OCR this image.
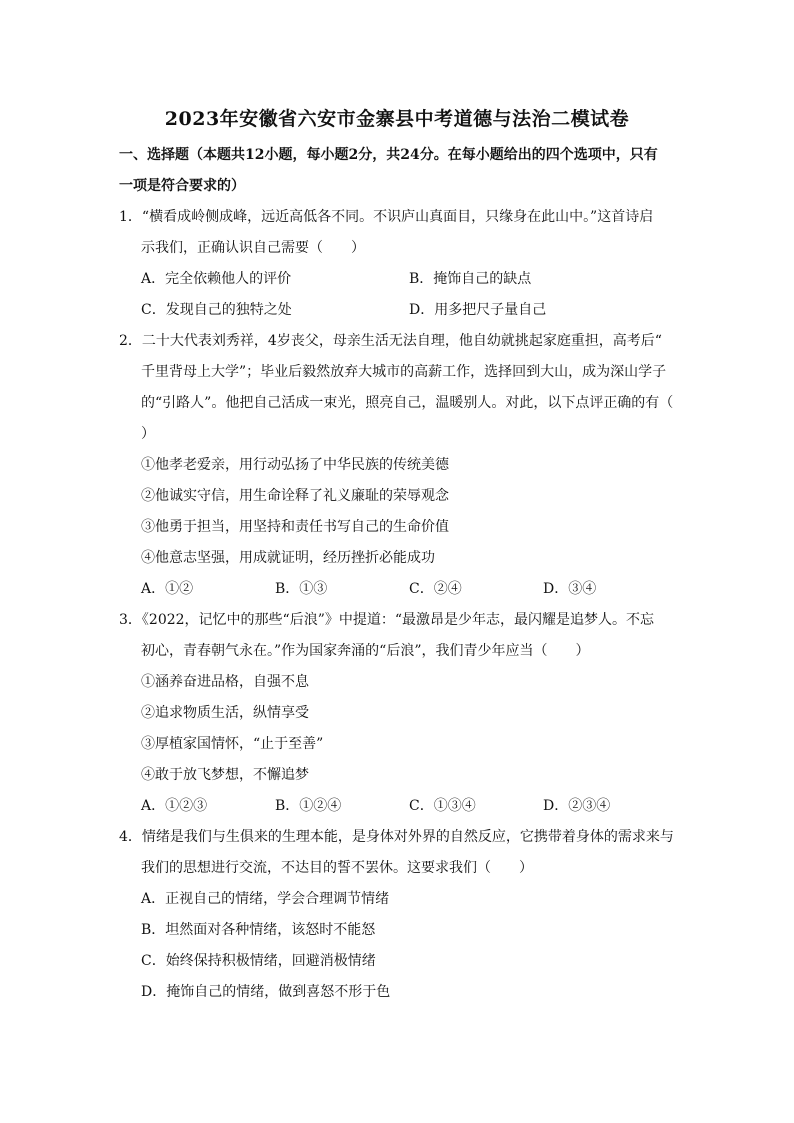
2023年安徽省六安市金寨县中考道德与法治二模试卷

一、选择题（本题共12小题，每小题2分，共24分。在每小题给出的四个选项中，只有
一项是符合要求的）

1．“横看成岭侧成峰，远近高低各不同。不识庐山真面目，只缘身在此山中。”这首诗启
示我们，正确认识自己需要（　　）
A．完全依赖他人的评价	B．掩饰自己的缺点
C．发现自己的独特之处	D．用多把尺子量自己
2．二十大代表刘秀祥，4岁丧父，母亲生活无法自理，他自幼就挑起家庭重担，高考后“
千里背母上大学”；毕业后毅然放弃大城市的高薪工作，选择回到大山，成为深山学子
的“引路人”。他把自己活成一束光，照亮自己，温暖别人。对此，以下点评正确的有（
）
①他孝老爱亲，用行动弘扬了中华民族的传统美德
②他诚实守信，用生命诠释了礼义廉耻的荣辱观念
③他勇于担当，用坚持和责任书写自己的生命价值
④他意志坚强，用成就证明，经历挫折必能成功
A．①②	B．①③	C．②④	D．③④
3．《2022，记忆中的那些“后浪”》中提道：“最激昂是少年志，最闪耀是追梦人。不忘
初心，青春朝气永在。”作为国家奔涌的“后浪”，我们青少年应当（　　）
①涵养奋进品格，自强不息
②追求物质生活，纵情享受
③厚植家国情怀，“止于至善”
④敢于放飞梦想，不懈追梦
A．①②③	B．①②④	C．①③④	D．②③④
4．情绪是我们与生俱来的生理本能，是身体对外界的自然反应，它携带着身体的需求来与
我们的思想进行交流，不达目的誓不罢休。这要求我们（　　）
A．正视自己的情绪，学会合理调节情绪
B．坦然面对各种情绪，该怒时不能怒
C．始终保持积极情绪，回避消极情绪
D．掩饰自己的情绪，做到喜怒不形于色
